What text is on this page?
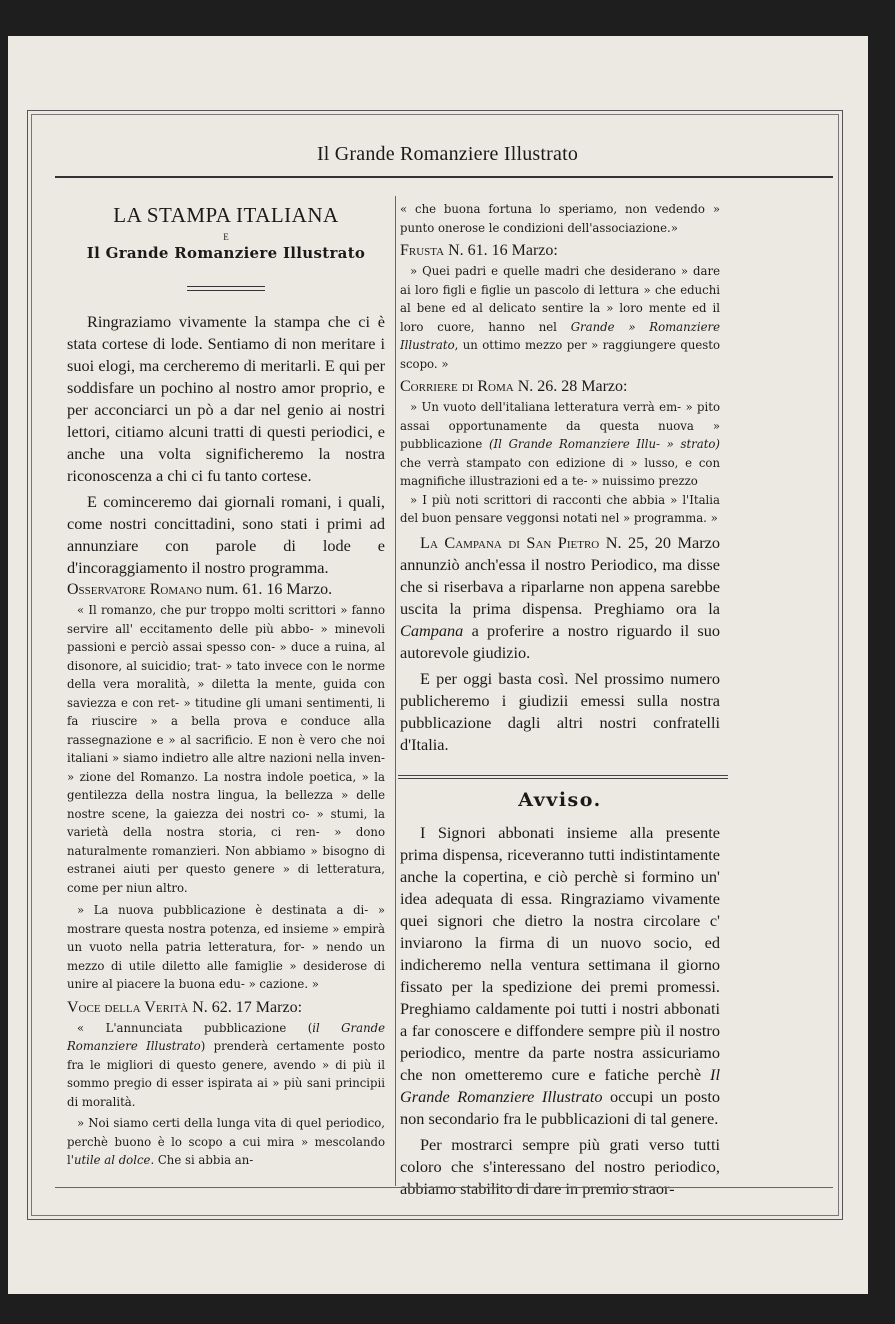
Il Grande Romanziere Illustrato
LA STAMPA ITALIANA
E
Il Grande Romanziere Illustrato

Ringraziamo vivamente la stampa che ci è stata cortese di lode. Sentiamo di non meritare i suoi elogi, ma cercheremo di meritarli. E qui per soddisfare un pochino al nostro amor proprio, e per acconciarci un pò a dar nel genio ai nostri lettori, citiamo alcuni tratti di questi periodici, e anche una volta significheremo la nostra riconoscenza a chi ci fu tanto cortese.

E cominceremo dai giornali romani, i quali, come nostri concittadini, sono stati i primi ad annunziare con parole di lode e d'incoraggiamento il nostro programma.

Osservatore Romano num. 61. 16 Marzo.

« Il romanzo, che pur troppo molti scrittori » fanno servire all' eccitamento delle più abbo- » minevoli passioni e perciò assai spesso con- » duce a ruina, al disonore, al suicidio; trat- » tato invece con le norme della vera moralità, » diletta la mente, guida con saviezza e con ret- » titudine gli umani sentimenti, li fa riuscire » a bella prova e conduce alla rassegnazione e » al sacrificio. E non è vero che noi italiani » siamo indietro alle altre nazioni nella inven- » zione del Romanzo. La nostra indole poetica, » la gentilezza della nostra lingua, la bellezza » delle nostre scene, la gaiezza dei nostri co- » stumi, la varietà della nostra storia, ci ren- » dono naturalmente romanzieri. Non abbiamo » bisogno di estranei aiuti per questo genere » di letteratura, come per niun altro.

» La nuova pubblicazione è destinata a di- » mostrare questa nostra potenza, ed insieme » empirà un vuoto nella patria letteratura, for- » nendo un mezzo di utile diletto alle famiglie » desiderose di unire al piacere la buona edu- » cazione. »

Voce della Verità N. 62. 17 Marzo:

« L'annunciata pubblicazione (il Grande Romanziere Illustrato) prenderà certamente posto fra le migliori di questo genere, avendo » di più il sommo pregio di esser ispirata ai » più sani principii di moralità.

» Noi siamo certi della lunga vita di quel periodico, perchè buono è lo scopo a cui mira » mescolando l'utile al dolce. Che si abbia an-

« che buona fortuna lo speriamo, non vedendo » punto onerose le condizioni dell'associazione.»

Frusta N. 61. 16 Marzo:

» Quei padri e quelle madri che desiderano » dare ai loro figli e figlie un pascolo di lettura » che educhi al bene ed al delicato sentire la » loro mente ed il loro cuore, hanno nel Grande » Romanziere Illustrato, un ottimo mezzo per » raggiungere questo scopo. »

Corriere di Roma N. 26. 28 Marzo:

» Un vuoto dell'italiana letteratura verrà em- » pito assai opportunamente da questa nuova » pubblicazione (Il Grande Romanziere Illu- » strato) che verrà stampato con edizione di » lusso, e con magnifiche illustrazioni ed a te- » nuissimo prezzo

» I più noti scrittori di racconti che abbia » l'Italia del buon pensare veggonsi notati nel » programma. »

La Campana di San Pietro N. 25, 20 Marzo annunziò anch'essa il nostro Periodico, ma disse che si riserbava a riparlarne non appena sarebbe uscita la prima dispensa. Preghiamo ora la Campana a proferire a nostro riguardo il suo autorevole giudizio.

E per oggi basta così. Nel prossimo numero publicheremo i giudizii emessi sulla nostra pubblicazione dagli altri nostri confratelli d'Italia.

Avviso.

I Signori abbonati insieme alla presente prima dispensa, riceveranno tutti indistintamente anche la copertina, e ciò perchè si formino un' idea adequata di essa. Ringraziamo vivamente quei signori che dietro la nostra circolare c' inviarono la firma di un nuovo socio, ed indicheremo nella ventura settimana il giorno fissato per la spedizione dei premi promessi. Preghiamo caldamente poi tutti i nostri abbonati a far conoscere e diffondere sempre più il nostro periodico, mentre da parte nostra assicuriamo che non ometteremo cure e fatiche perchè Il Grande Romanziere Illustrato occupi un posto non secondario fra le pubblicazioni di tal genere.

Per mostrarci sempre più grati verso tutti coloro che s'interessano del nostro periodico, abbiamo stabilito di dare in premio straor-
